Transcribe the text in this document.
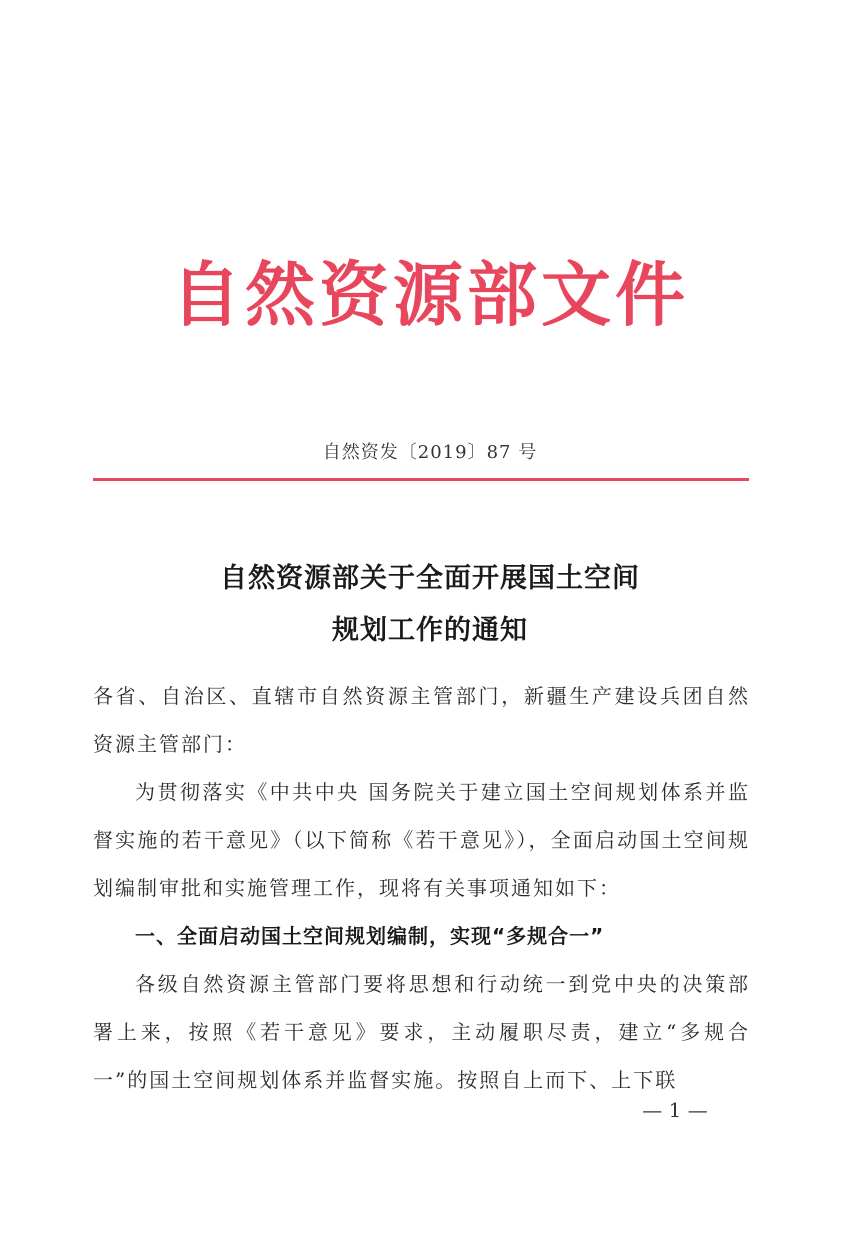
自然资源部文件
自然资发〔2019〕87 号
自然资源部关于全面开展国土空间
规划工作的通知

各省、自治区、直辖市自然资源主管部门，新疆生产建设兵团自然资源主管部门：

为贯彻落实《中共中央 国务院关于建立国土空间规划体系并监督实施的若干意见》（以下简称《若干意见》），全面启动国土空间规划编制审批和实施管理工作，现将有关事项通知如下：

一、全面启动国土空间规划编制，实现“多规合一”

各级自然资源主管部门要将思想和行动统一到党中央的决策部署上来，按照《若干意见》要求，主动履职尽责，建立“多规合一”的国土空间规划体系并监督实施。按照自上而下、上下联

— 1 —
